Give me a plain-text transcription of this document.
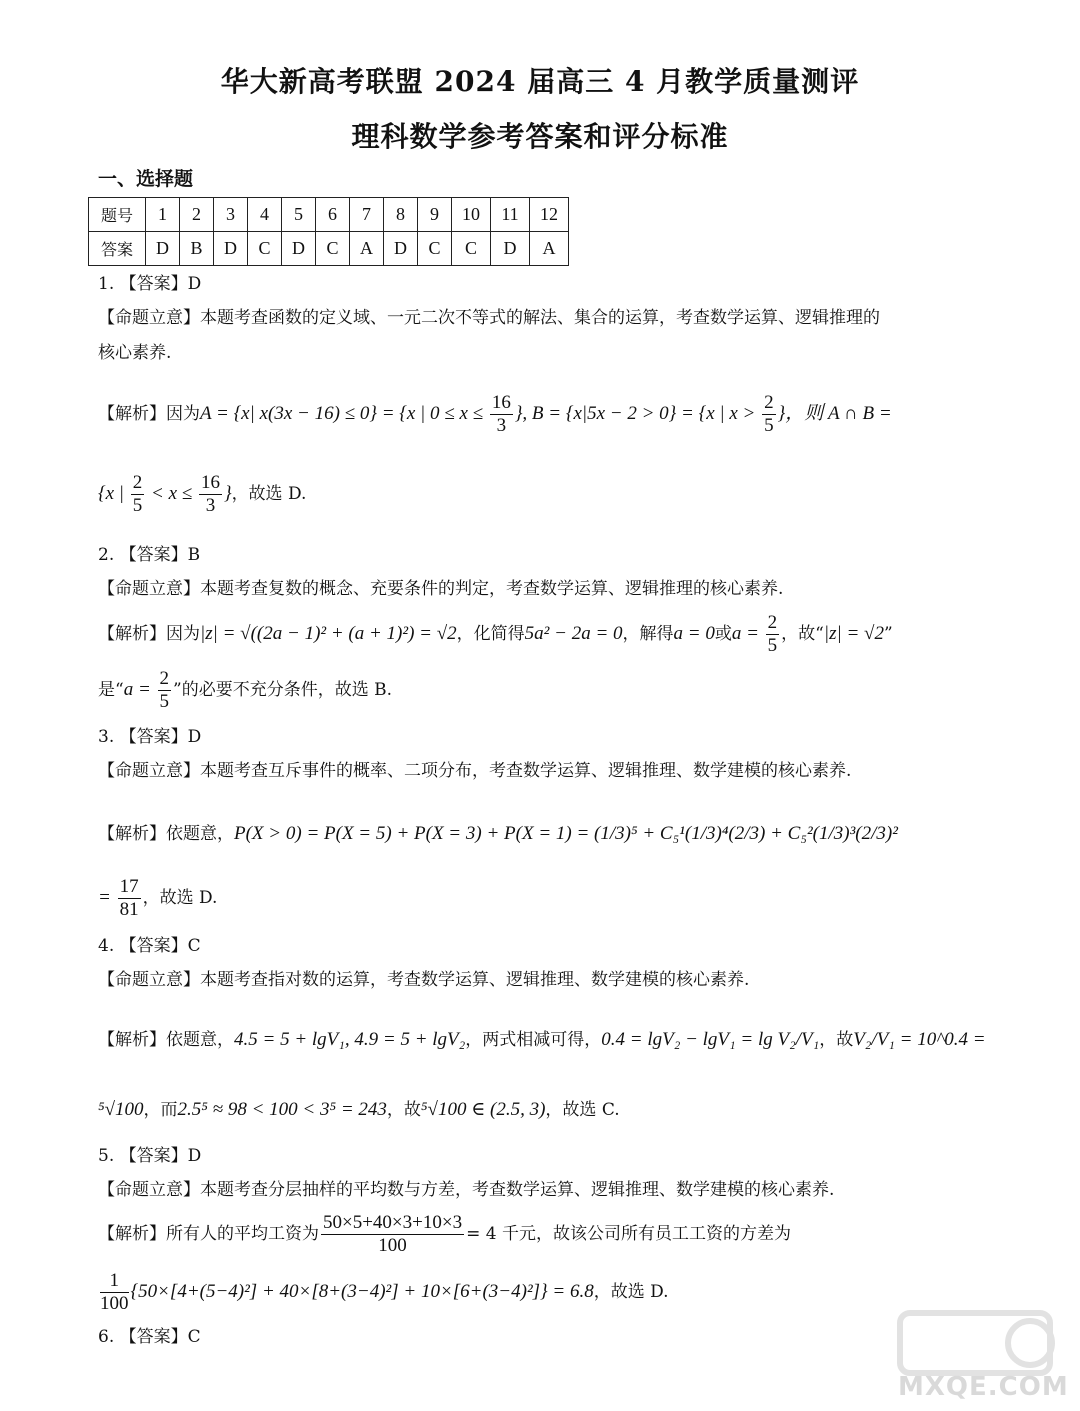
华大新高考联盟 2024 届高三 4 月教学质量测评
理科数学参考答案和评分标准
一、选择题
题号	1	2	3	4	5	6	7	8	9	10	11	12
答案	D	B	D	C	D	C	A	D	C	C	D	A
1. 【答案】D
【命题立意】本题考查函数的定义域、一元二次不等式的解法、集合的运算，考查数学运算、逻辑推理的
核心素养.
【解析】因为A = {x| x(3x − 16) ≤ 0} = {x | $0 \le x \le \frac{16}{3}$ }, B = {x|5x − 2 > 0} = {x | $x > \frac{2}{5}$ }，则 A ∩ B =
{x | $\frac{2}{5} < x \le \frac{16}{3}$ }，故选 D.
2. 【答案】B
【命题立意】本题考查复数的概念、充要条件的判定，考查数学运算、逻辑推理的核心素养.
【解析】因为|z| = √((2a − 1)² + (a + 1)²) = √2，化简得5a² − 2a = 0，解得a = 0或$a = \frac{2}{5}$ ，故“|z| = √2”
是“$a = \frac{2}{5}$ ”的必要不充分条件，故选 B.
3. 【答案】D
【命题立意】本题考查互斥事件的概率、二项分布，考查数学运算、逻辑推理、数学建模的核心素养.
【解析】依题意，P(X > 0) = P(X = 5) + P(X = 3) + P(X = 1) = (1/3)⁵ + C₅¹(1/3)⁴(2/3) + C₅²(1/3)³(2/3)²
= $\frac{17}{81}$ ，故选 D.
4. 【答案】C
【命题立意】本题考查指对数的运算，考查数学运算、逻辑推理、数学建模的核心素养.
【解析】依题意，4.5 = 5 + lgV₁, 4.9 = 5 + lgV₂，两式相减可得，0.4 = lgV₂ − lgV₁ = lg V₂/V₁，故V₂/V₁ = 10^0.4 =
⁵√100，而2.5⁵ ≈ 98 < 100 < 3⁵ = 243，故⁵√100 ∈ (2.5, 3)，故选 C.
5. 【答案】D
【命题立意】本题考查分层抽样的平均数与方差，考查数学运算、逻辑推理、数学建模的核心素养.
【解析】所有人的平均工资为 $\frac{50\times 5+40\times 3+10\times 3}{100} = 4$ 千元，故该公司所有员工工资的方差为
$\frac{1}{100} \{50\times[4+(5-4)^2] + 40\times[8+(3-4)^2] + 10\times[6+(3-4)^2]\} = 6.8$，故选 D.
6. 【答案】C
MXQE.COM
